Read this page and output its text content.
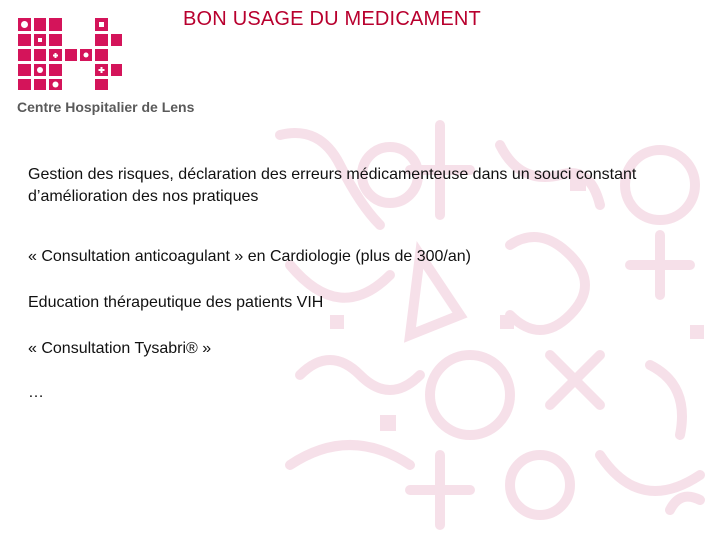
Centre Hospitalier de Lens
BON USAGE DU MEDICAMENT

Gestion des risques, déclaration des erreurs médicamenteuse dans un souci constant d’amélioration des nos pratiques

« Consultation anticoagulant » en Cardiologie (plus de 300/an)

Education thérapeutique des patients VIH

« Consultation Tysabri® »

…
